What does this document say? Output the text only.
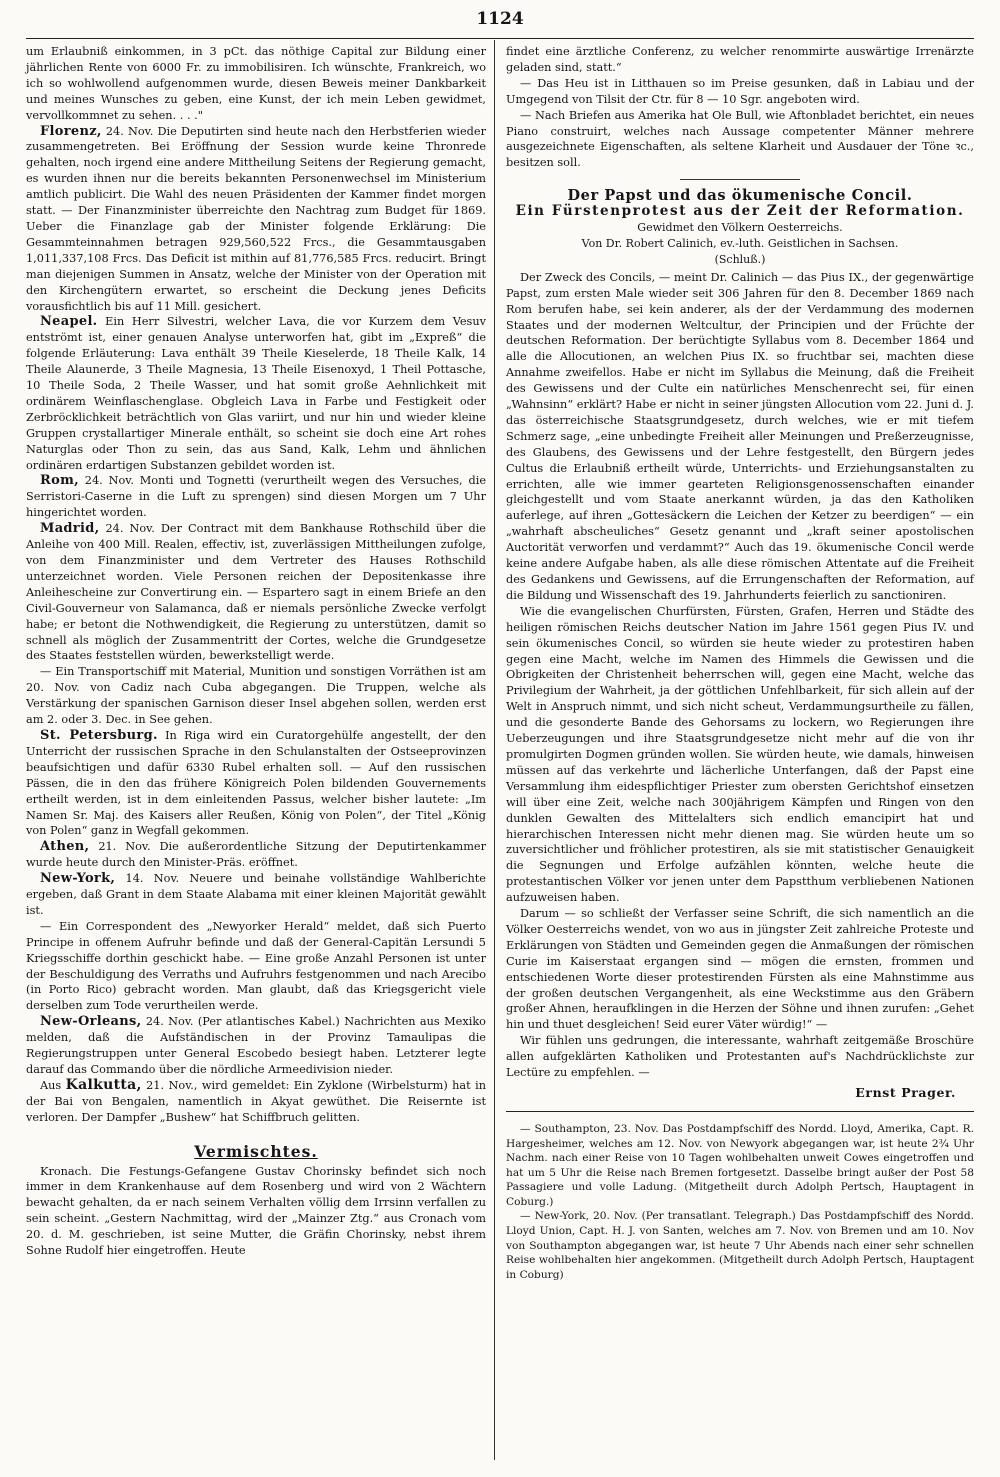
1124

um Erlaubniß einkommen, in 3 pCt. das nöthige Capital zur Bildung einer jährlichen Rente von 6000 Fr. zu immobilisiren. Ich wünschte, Frankreich, wo ich so wohlwollend aufgenommen wurde, diesen Beweis meiner Dankbarkeit und meines Wunsches zu geben, eine Kunst, der ich mein Leben gewidmet, vervollkommnet zu sehen. . . ."

Florenz, 24. Nov. Die Deputirten sind heute nach den Herbstferien wieder zusammengetreten. Bei Eröffnung der Session wurde keine Thronrede gehalten, noch irgend eine andere Mittheilung Seitens der Regierung gemacht, es wurden ihnen nur die bereits bekannten Personenwechsel im Ministerium amtlich publicirt. Die Wahl des neuen Präsidenten der Kammer findet morgen statt. — Der Finanzminister überreichte den Nachtrag zum Budget für 1869. Ueber die Finanzlage gab der Minister folgende Erklärung: Die Gesammteinnahmen betragen 929,560,522 Frcs., die Gesammtausgaben 1,011,337,108 Frcs. Das Deficit ist mithin auf 81,776,585 Frcs. reducirt. Bringt man diejenigen Summen in Ansatz, welche der Minister von der Operation mit den Kirchengütern erwartet, so erscheint die Deckung jenes Deficits vorausfichtlich bis auf 11 Mill. gesichert.

Neapel. Ein Herr Silvestri, welcher Lava, die vor Kurzem dem Vesuv entströmt ist, einer genauen Analyse unterworfen hat, gibt im „Expreß“ die folgende Erläuterung: Lava enthält 39 Theile Kieselerde, 18 Theile Kalk, 14 Theile Alaunerde, 3 Theile Magnesia, 13 Theile Eisenoxyd, 1 Theil Pottasche, 10 Theile Soda, 2 Theile Wasser, und hat somit große Aehnlichkeit mit ordinärem Weinflaschenglase. Obgleich Lava in Farbe und Festigkeit oder Zerbröcklichkeit beträchtlich von Glas variirt, und nur hin und wieder kleine Gruppen crystallartiger Minerale enthält, so scheint sie doch eine Art rohes Naturglas oder Thon zu sein, das aus Sand, Kalk, Lehm und ähnlichen ordinären erdartigen Substanzen gebildet worden ist.

Rom, 24. Nov. Monti und Tognetti (verurtheilt wegen des Versuches, die Serristori-Caserne in die Luft zu sprengen) sind diesen Morgen um 7 Uhr hingerichtet worden.

Madrid, 24. Nov. Der Contract mit dem Bankhause Rothschild über die Anleihe von 400 Mill. Realen, effectiv, ist, zuverlässigen Mittheilungen zufolge, von dem Finanzminister und dem Vertreter des Hauses Rothschild unterzeichnet worden. Viele Personen reichen der Depositenkasse ihre Anleihescheine zur Convertirung ein. — Espartero sagt in einem Briefe an den Civil-Gouverneur von Salamanca, daß er niemals persönliche Zwecke verfolgt habe; er betont die Nothwendigkeit, die Regierung zu unterstützen, damit so schnell als möglich der Zusammentritt der Cortes, welche die Grundgesetze des Staates feststellen würden, bewerkstelligt werde.

— Ein Transportschiff mit Material, Munition und sonstigen Vorräthen ist am 20. Nov. von Cadiz nach Cuba abgegangen. Die Truppen, welche als Verstärkung der spanischen Garnison dieser Insel abgehen sollen, werden erst am 2. oder 3. Dec. in See gehen.

St. Petersburg. In Riga wird ein Curatorgehülfe angestellt, der den Unterricht der russischen Sprache in den Schulanstalten der Ostseeprovinzen beaufsichtigen und dafür 6330 Rubel erhalten soll. — Auf den russischen Pässen, die in den das frühere Königreich Polen bildenden Gouvernements ertheilt werden, ist in dem einleitenden Passus, welcher bisher lautete: „Im Namen Sr. Maj. des Kaisers aller Reußen, König von Polen“, der Titel „König von Polen“ ganz in Wegfall gekommen.

Athen, 21. Nov. Die außerordentliche Sitzung der Deputirtenkammer wurde heute durch den Minister-Präs. eröffnet.

New-York, 14. Nov. Neuere und beinahe vollständige Wahlberichte ergeben, daß Grant in dem Staate Alabama mit einer kleinen Majorität gewählt ist.

— Ein Correspondent des „Newyorker Herald“ meldet, daß sich Puerto Principe in offenem Aufruhr befinde und daß der General-Capitän Lersundi 5 Kriegsschiffe dorthin geschickt habe. — Eine große Anzahl Personen ist unter der Beschuldigung des Verraths und Aufruhrs festgenommen und nach Arecibo (in Porto Rico) gebracht worden. Man glaubt, daß das Kriegsgericht viele derselben zum Tode verurtheilen werde.

New-Orleans, 24. Nov. (Per atlantisches Kabel.) Nachrichten aus Mexiko melden, daß die Aufständischen in der Provinz Tamaulipas die Regierungstruppen unter General Escobedo besiegt haben. Letzterer legte darauf das Commando über die nördliche Armeedivision nieder.

Aus Kalkutta, 21. Nov., wird gemeldet: Ein Zyklone (Wirbelsturm) hat in der Bai von Bengalen, namentlich in Akyat gewüthet. Die Reisernte ist verloren. Der Dampfer „Bushew“ hat Schiffbruch gelitten.

Vermischtes.

Kronach. Die Festungs-Gefangene Gustav Chorinsky befindet sich noch immer in dem Krankenhause auf dem Rosenberg und wird von 2 Wächtern bewacht gehalten, da er nach seinem Verhalten völlig dem Irrsinn verfallen zu sein scheint. „Gestern Nachmittag, wird der „Mainzer Ztg.“ aus Cronach vom 20. d. M. geschrieben, ist seine Mutter, die Gräfin Chorinsky, nebst ihrem Sohne Rudolf hier eingetroffen. Heute

findet eine ärztliche Conferenz, zu welcher renommirte auswärtige Irrenärzte geladen sind, statt.“

— Das Heu ist in Litthauen so im Preise gesunken, daß in Labiau und der Umgegend von Tilsit der Ctr. für 8 — 10 Sgr. angeboten wird.

— Nach Briefen aus Amerika hat Ole Bull, wie Aftonbladet berichtet, ein neues Piano construirt, welches nach Aussage competenter Männer mehrere ausgezeichnete Eigenschaften, als seltene Klarheit und Ausdauer der Töne ꝛc., besitzen soll.

Der Papst und das ökumenische Concil.
Ein Fürstenprotest aus der Zeit der Reformation.
Gewidmet den Völkern Oesterreichs.
Von Dr. Robert Calinich, ev.-luth. Geistlichen in Sachsen.
(Schluß.)

Der Zweck des Concils, — meint Dr. Calinich — das Pius IX., der gegenwärtige Papst, zum ersten Male wieder seit 306 Jahren für den 8. December 1869 nach Rom berufen habe, sei kein anderer, als der der Verdammung des modernen Staates und der modernen Weltcultur, der Principien und der Früchte der deutschen Reformation. Der berüchtigte Syllabus vom 8. December 1864 und alle die Allocutionen, an welchen Pius IX. so fruchtbar sei, machten diese Annahme zweifellos. Habe er nicht im Syllabus die Meinung, daß die Freiheit des Gewissens und der Culte ein natürliches Menschenrecht sei, für einen „Wahnsinn“ erklärt? Habe er nicht in seiner jüngsten Allocution vom 22. Juni d. J. das österreichische Staatsgrundgesetz, durch welches, wie er mit tiefem Schmerz sage, „eine unbedingte Freiheit aller Meinungen und Preßerzeugnisse, des Glaubens, des Gewissens und der Lehre festgestellt, den Bürgern jedes Cultus die Erlaubniß ertheilt würde, Unterrichts- und Erziehungsanstalten zu errichten, alle wie immer gearteten Religionsgenossenschaften einander gleichgestellt und vom Staate anerkannt würden, ja das den Katholiken auferlege, auf ihren „Gottesäckern die Leichen der Ketzer zu beerdigen“ — ein „wahrhaft abscheuliches“ Gesetz genannt und „kraft seiner apostolischen Auctorität verworfen und verdammt?“ Auch das 19. ökumenische Concil werde keine andere Aufgabe haben, als alle diese römischen Attentate auf die Freiheit des Gedankens und Gewissens, auf die Errungenschaften der Reformation, auf die Bildung und Wissenschaft des 19. Jahrhunderts feierlich zu sanctioniren.

Wie die evangelischen Churfürsten, Fürsten, Grafen, Herren und Städte des heiligen römischen Reichs deutscher Nation im Jahre 1561 gegen Pius IV. und sein ökumenisches Concil, so würden sie heute wieder zu protestiren haben gegen eine Macht, welche im Namen des Himmels die Gewissen und die Obrigkeiten der Christenheit beherrschen will, gegen eine Macht, welche das Privilegium der Wahrheit, ja der göttlichen Unfehlbarkeit, für sich allein auf der Welt in Anspruch nimmt, und sich nicht scheut, Verdammungsurtheile zu fällen, und die gesonderte Bande des Gehorsams zu lockern, wo Regierungen ihre Ueberzeugungen und ihre Staatsgrundgesetze nicht mehr auf die von ihr promulgirten Dogmen gründen wollen. Sie würden heute, wie damals, hinweisen müssen auf das verkehrte und lächerliche Unterfangen, daß der Papst eine Versammlung ihm eidespflichtiger Priester zum obersten Gerichtshof einsetzen will über eine Zeit, welche nach 300jährigem Kämpfen und Ringen von den dunklen Gewalten des Mittelalters sich endlich emancipirt hat und hierarchischen Interessen nicht mehr dienen mag. Sie würden heute um so zuversichtlicher und fröhlicher protestiren, als sie mit statistischer Genauigkeit die Segnungen und Erfolge aufzählen könnten, welche heute die protestantischen Völker vor jenen unter dem Papstthum verbliebenen Nationen aufzuweisen haben.

Darum — so schließt der Verfasser seine Schrift, die sich namentlich an die Völker Oesterreichs wendet, von wo aus in jüngster Zeit zahlreiche Proteste und Erklärungen von Städten und Gemeinden gegen die Anmaßungen der römischen Curie im Kaiserstaat ergangen sind — mögen die ernsten, frommen und entschiedenen Worte dieser protestirenden Fürsten als eine Mahnstimme aus der großen deutschen Vergangenheit, als eine Weckstimme aus den Gräbern großer Ahnen, heraufklingen in die Herzen der Söhne und ihnen zurufen: „Gehet hin und thuet desgleichen! Seid eurer Väter würdig!“ —

Wir fühlen uns gedrungen, die interessante, wahrhaft zeitgemäße Broschüre allen aufgeklärten Katholiken und Protestanten auf's Nachdrücklichste zur Lectüre zu empfehlen. —

Ernst Prager.

— Southampton, 23. Nov. Das Postdampfschiff des Nordd. Lloyd, Amerika, Capt. R. Hargesheimer, welches am 12. Nov. von Newyork abgegangen war, ist heute 2¾ Uhr Nachm. nach einer Reise von 10 Tagen wohlbehalten unweit Cowes eingetroffen und hat um 5 Uhr die Reise nach Bremen fortgesetzt. Dasselbe bringt außer der Post 58 Passagiere und volle Ladung. (Mitgetheilt durch Adolph Pertsch, Hauptagent in Coburg.)

— New-York, 20. Nov. (Per transatlant. Telegraph.) Das Postdampfschiff des Nordd. Lloyd Union, Capt. H. J. von Santen, welches am 7. Nov. von Bremen und am 10. Nov von Southampton abgegangen war, ist heute 7 Uhr Abends nach einer sehr schnellen Reise wohlbehalten hier angekommen. (Mitgetheilt durch Adolph Pertsch, Hauptagent in Coburg)
